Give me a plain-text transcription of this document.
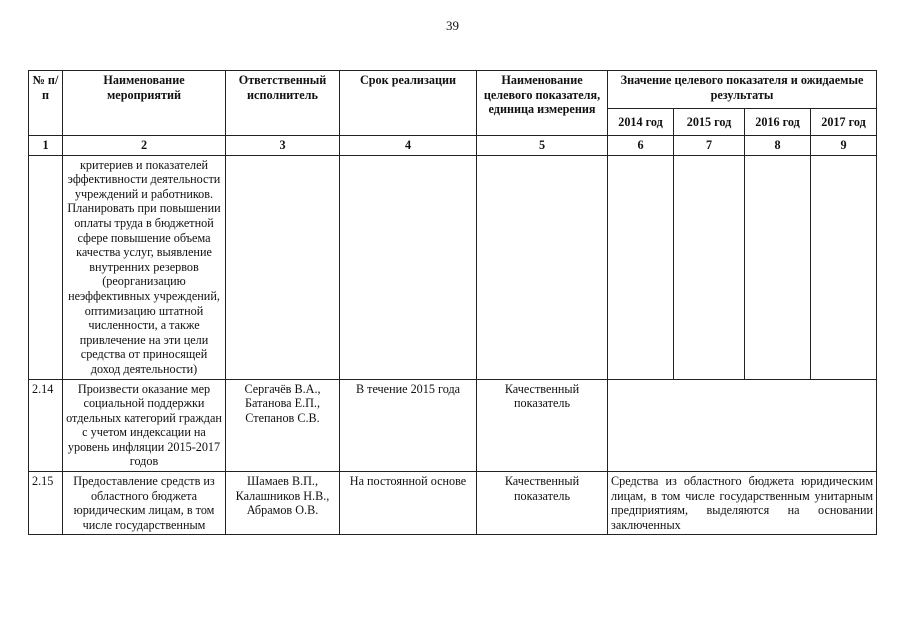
39
№ п/п	Наименование мероприятий	Ответственный исполнитель	Срок реализации	Наименование целевого показателя, единица измерения	Значение целевого показателя и ожидаемые результаты			
					2014 год	2015 год	2016 год	2017 год
1	2	3	4	5	6	7	8	9
	критериев и показателей эффективности деятельности учреждений и работников. Планировать при повышении оплаты труда в бюджетной сфере повышение объема качества услуг, выявление внутренних резервов (реорганизацию неэффективных учреждений, оптимизацию штатной численности, а также привлечение на эти цели средства от приносящей доход деятельности)							
2.14	Произвести оказание мер социальной поддержки отдельных категорий граждан с учетом индексации на уровень инфляции 2015-2017 годов	Сергачёв В.А., Батанова Е.П., Степанов С.В.	В течение 2015 года	Качественный показатель				
2.15	Предоставление средств из областного бюджета юридическим лицам, в том числе государственным	Шамаев В.П., Калашников Н.В., Абрамов О.В.	На постоянной основе	Качественный показатель	Средства из областного бюджета юридическим лицам, в том числе государственным унитарным предприятиям, выделяются на основании заключенных			
